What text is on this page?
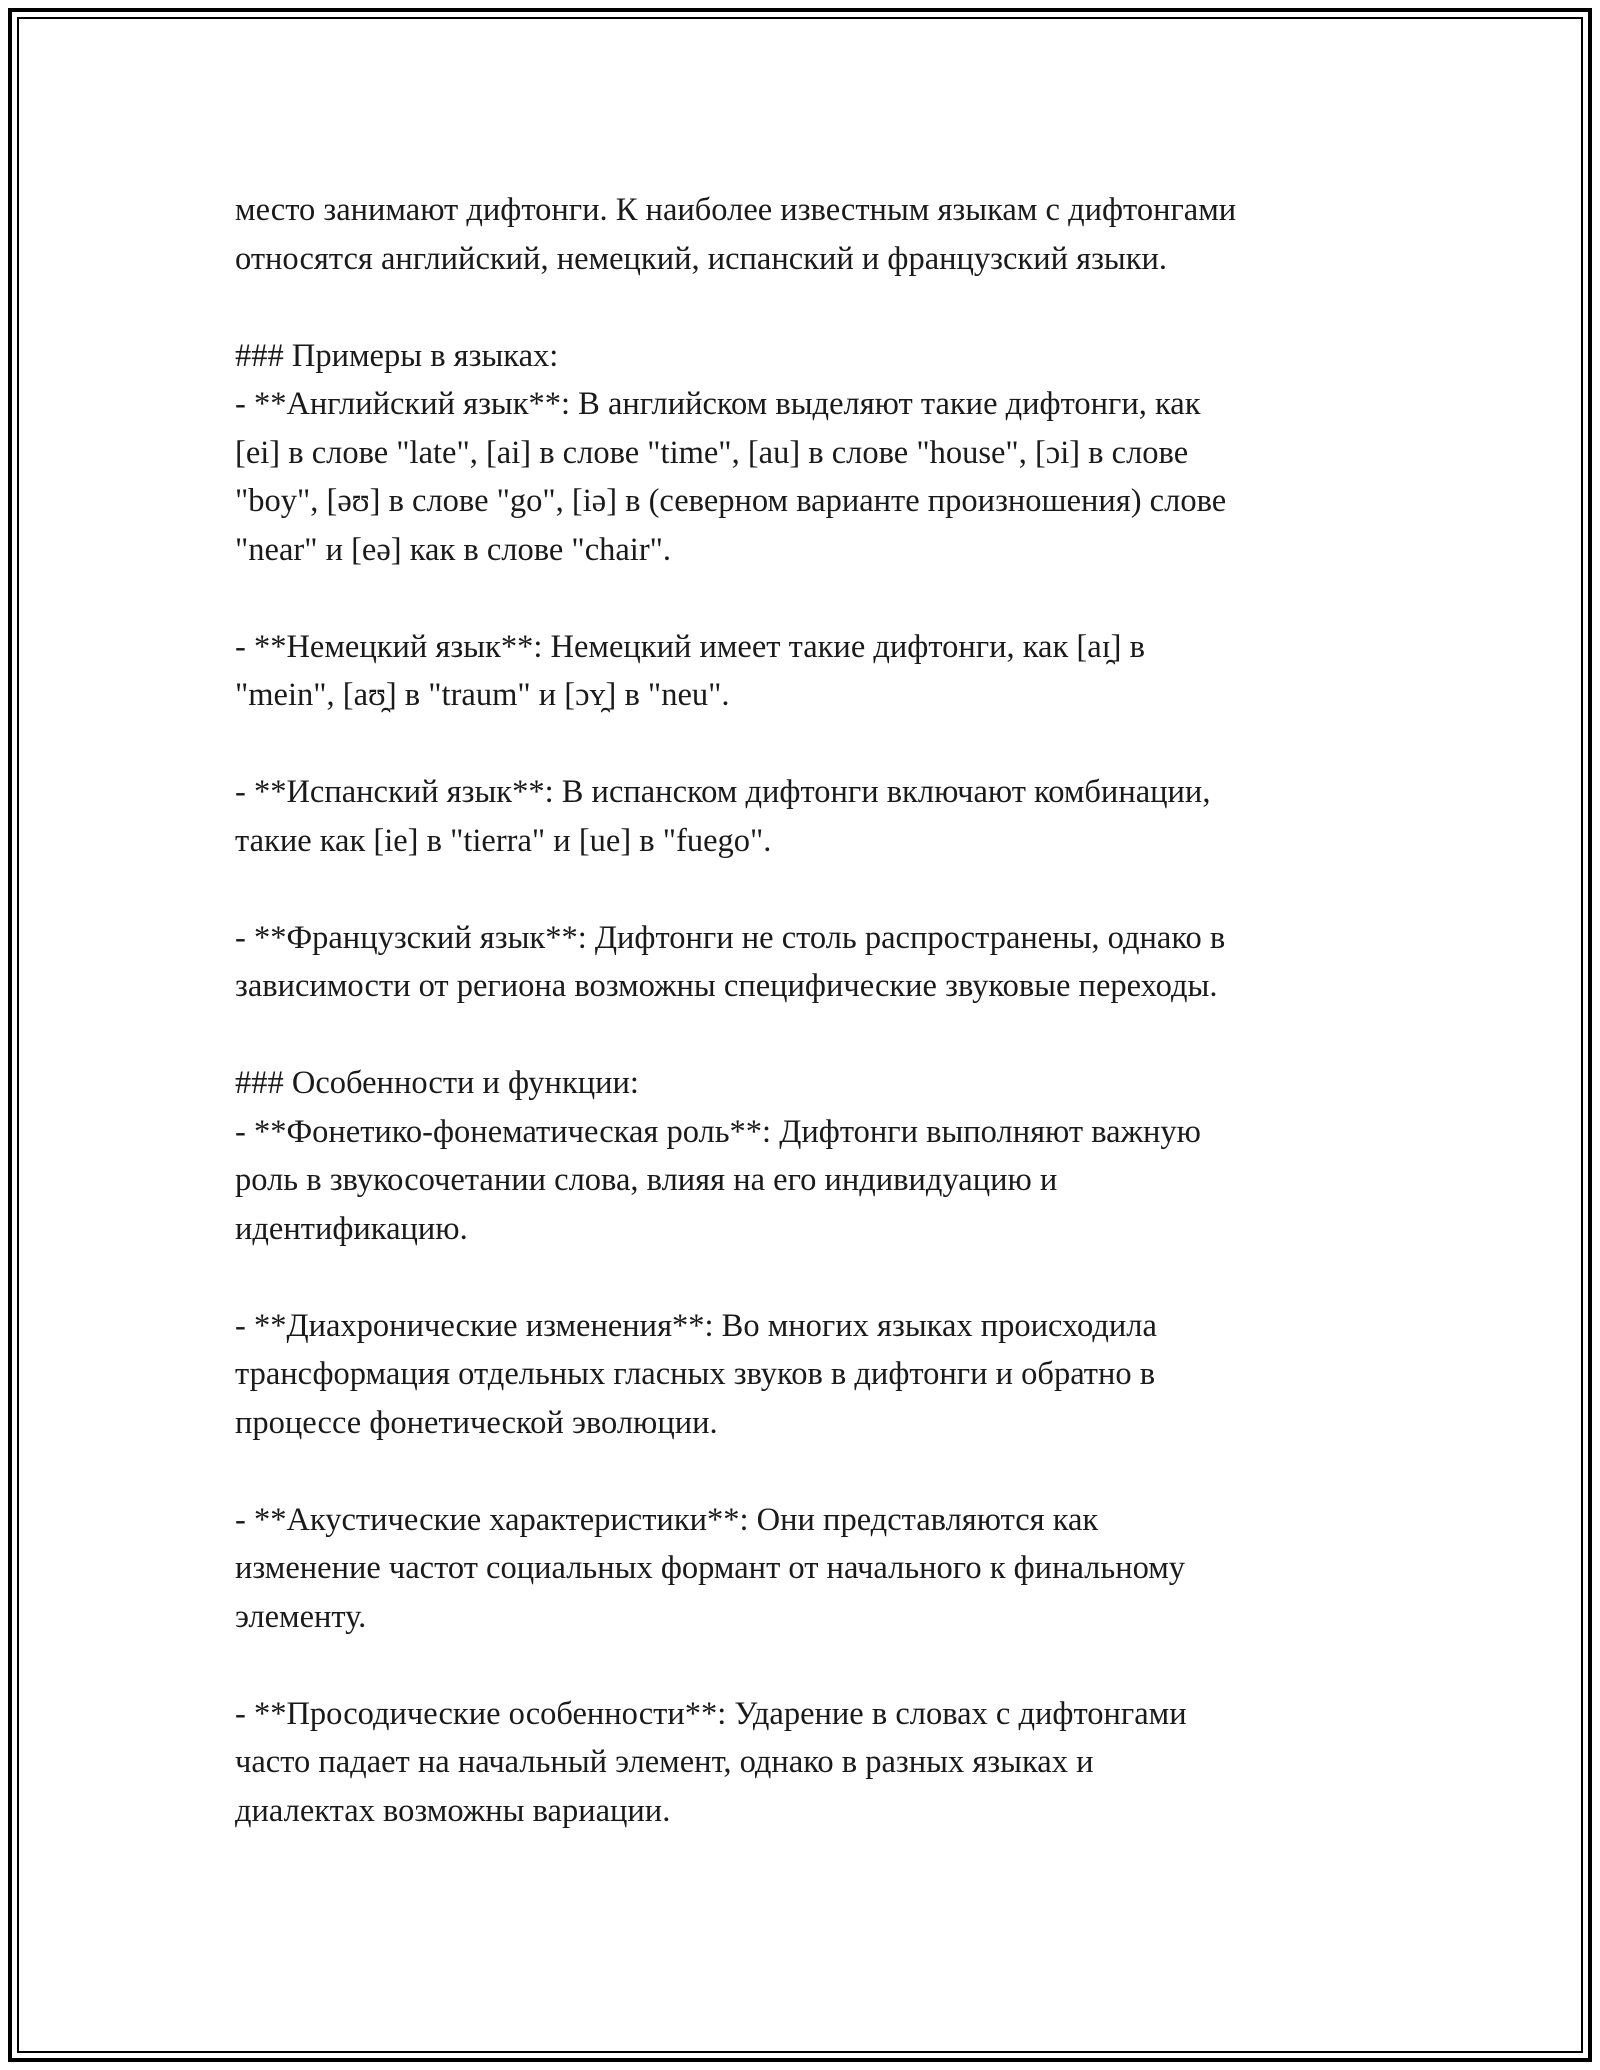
место занимают дифтонги. К наиболее известным языкам с дифтонгами
относятся английский, немецкий, испанский и французский языки.

### Примеры в языках:
- **Английский язык**: В английском выделяют такие дифтонги, как
[ei] в слове "late", [ai] в слове "time", [au] в слове "house", [ɔi] в слове
"boy", [əʊ] в слове "go", [iə] в (северном варианте произношения) слове
"near" и [eə] как в слове "chair".

- **Немецкий язык**: Немецкий имеет такие дифтонги, как [aɪ̯] в
"mein", [aʊ̯] в "traum" и [ɔʏ̯] в "neu".

- **Испанский язык**: В испанском дифтонги включают комбинации,
такие как [ie] в "tierra" и [ue] в "fuego".

- **Французский язык**: Дифтонги не столь распространены, однако в
зависимости от региона возможны специфические звуковые переходы.

### Особенности и функции:
- **Фонетико-фонематическая роль**: Дифтонги выполняют важную
роль в звукосочетании слова, влияя на его индивидуацию и
идентификацию.

- **Диахронические изменения**: Во многих языках происходила
трансформация отдельных гласных звуков в дифтонги и обратно в
процессе фонетической эволюции.

- **Акустические характеристики**: Они представляются как
изменение частот социальных формант от начального к финальному
элементу.

- **Просодические особенности**: Ударение в словах с дифтонгами
часто падает на начальный элемент, однако в разных языках и
диалектах возможны вариации.
